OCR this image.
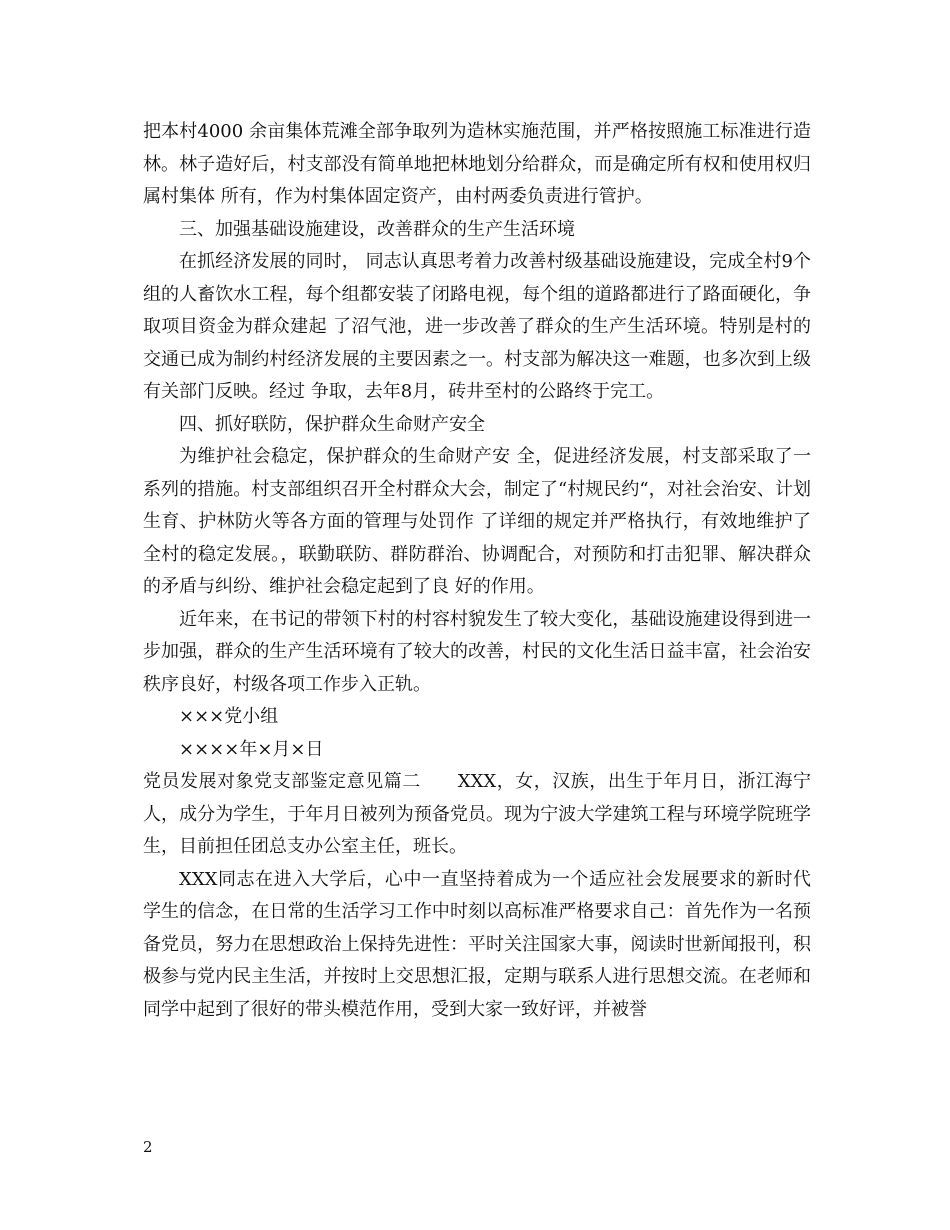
把本村4000 余亩集体荒滩全部争取列为造林实施范围，并严格按照施工标准进行造林。林子造好后，村支部没有简单地把林地划分给群众，而是确定所有权和使用权归属村集体 所有，作为村集体固定资产，由村两委负责进行管护。

三、加强基础设施建设，改善群众的生产生活环境

在抓经济发展的同时， 同志认真思考着力改善村级基础设施建设，完成全村9个组的人畜饮水工程，每个组都安装了闭路电视，每个组的道路都进行了路面硬化，争取项目资金为群众建起 了沼气池，进一步改善了群众的生产生活环境。特别是村的交通已成为制约村经济发展的主要因素之一。村支部为解决这一难题，也多次到上级有关部门反映。经过 争取，去年8月，砖井至村的公路终于完工。

四、抓好联防，保护群众生命财产安全

为维护社会稳定，保护群众的生命财产安 全，促进经济发展，村支部采取了一系列的措施。村支部组织召开全村群众大会，制定了“村规民约“，对社会治安、计划生育、护林防火等各方面的管理与处罚作 了详细的规定并严格执行，有效地维护了全村的稳定发展。，联勤联防、群防群治、协调配合，对预防和打击犯罪、解决群众的矛盾与纠纷、维护社会稳定起到了良 好的作用。

近年来，在书记的带领下村的村容村貌发生了较大变化，基础设施建设得到进一步加强，群众的生产生活环境有了较大的改善，村民的文化生活日益丰富，社会治安秩序良好，村级各项工作步入正轨。

×××党小组

××××年×月×日

党员发展对象党支部鉴定意见篇二　　XXX，女，汉族，出生于年月日，浙江海宁人，成分为学生，于年月日被列为预备党员。现为宁波大学建筑工程与环境学院班学生，目前担任团总支办公室主任，班长。

XXX同志在进入大学后，心中一直坚持着成为一个适应社会发展要求的新时代学生的信念，在日常的生活学习工作中时刻以高标准严格要求自己：首先作为一名预备党员，努力在思想政治上保持先进性：平时关注国家大事，阅读时世新闻报刊，积极参与党内民主生活，并按时上交思想汇报，定期与联系人进行思想交流。在老师和同学中起到了很好的带头模范作用，受到大家一致好评，并被誉

2
